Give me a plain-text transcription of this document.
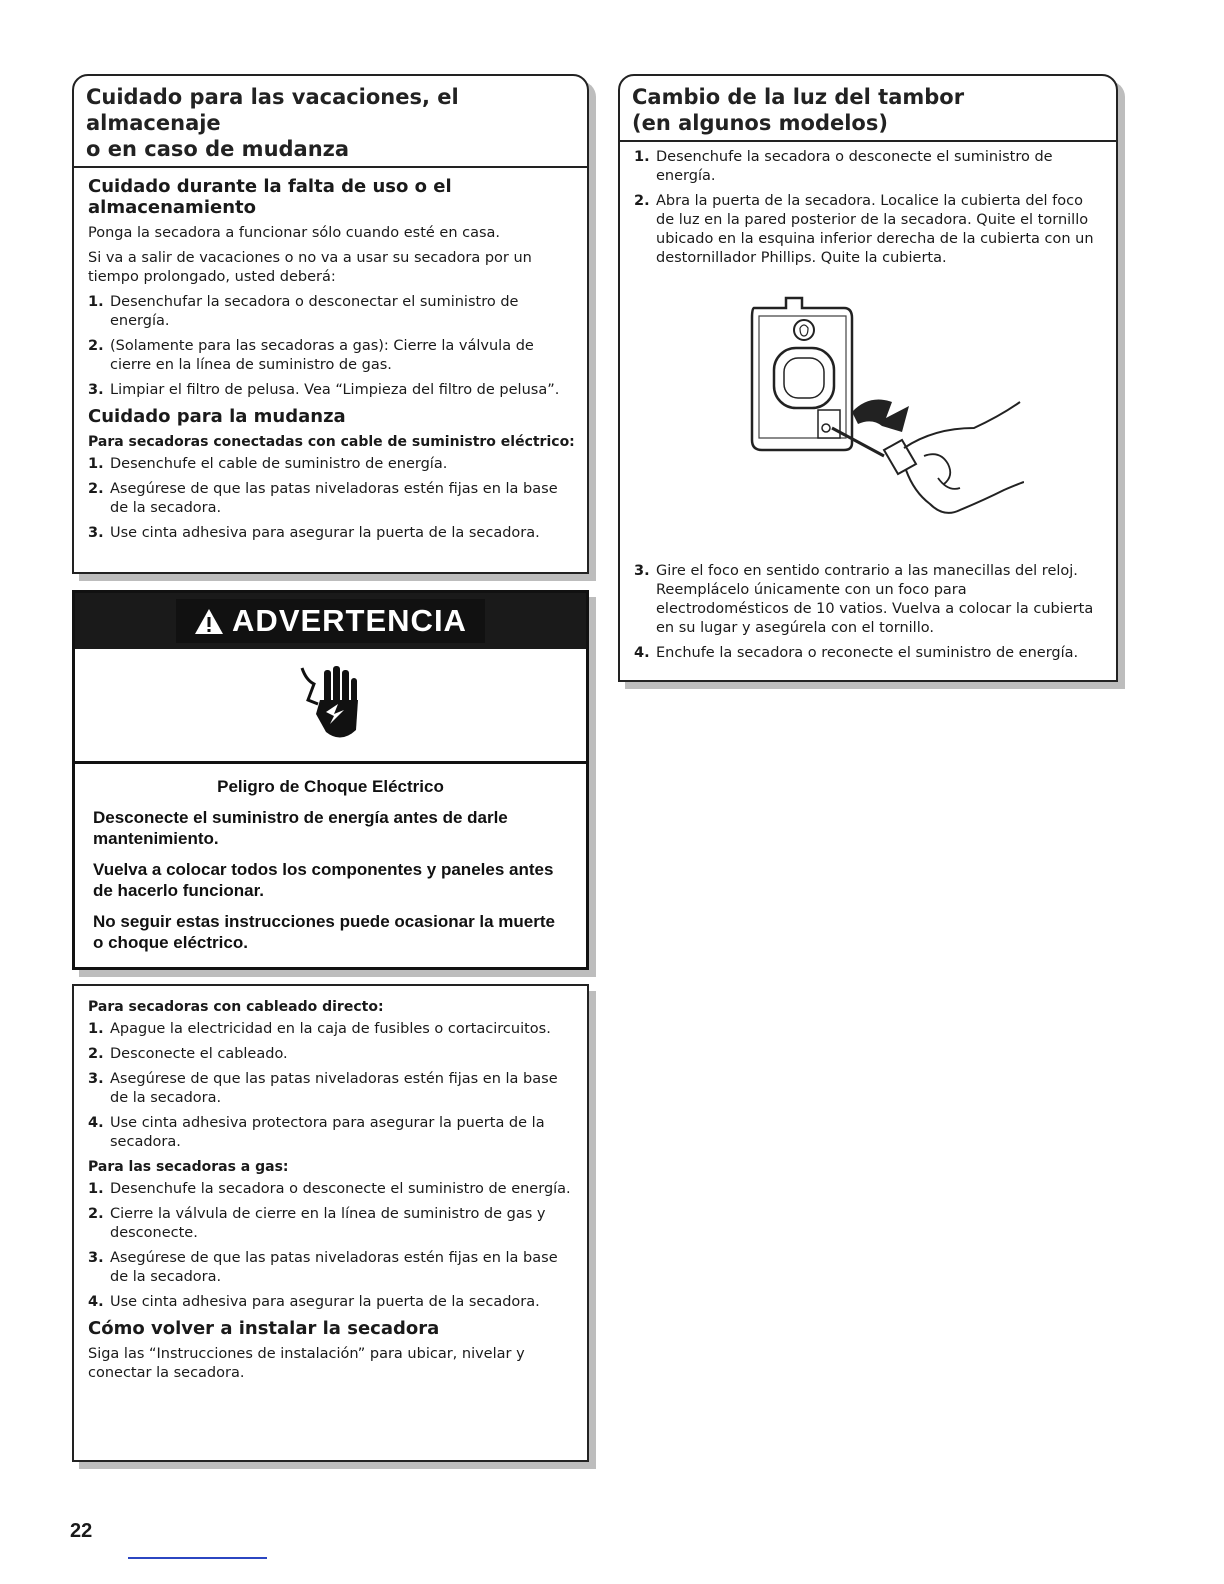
Cuidado para las vacaciones, el almacenaje
o en caso de mudanza
Cuidado durante la falta de uso o el
almacenamiento

Ponga la secadora a funcionar sólo cuando esté en casa.

Si va a salir de vacaciones o no va a usar su secadora por un tiempo prolongado, usted deberá:

1. Desenchufar la secadora o desconectar el suministro de energía.
2. (Solamente para las secadoras a gas): Cierre la válvula de cierre en la línea de suministro de gas.
3. Limpiar el filtro de pelusa. Vea “Limpieza del filtro de pelusa”.
Cuidado para la mudanza
Para secadoras conectadas con cable de suministro eléctrico:
1. Desenchufe el cable de suministro de energía.
2. Asegúrese de que las patas niveladoras estén fijas en la base de la secadora.
3. Use cinta adhesiva para asegurar la puerta de la secadora.
ADVERTENCIA
Peligro de Choque Eléctrico

Desconecte el suministro de energía antes de darle mantenimiento.

Vuelva a colocar todos los componentes y paneles antes de hacerlo funcionar.

No seguir estas instrucciones puede ocasionar la muerte o choque eléctrico.

Para secadoras con cableado directo:
1. Apague la electricidad en la caja de fusibles o cortacircuitos.
2. Desconecte el cableado.
3. Asegúrese de que las patas niveladoras estén fijas en la base de la secadora.
4. Use cinta adhesiva protectora para asegurar la puerta de la secadora.
Para las secadoras a gas:
1. Desenchufe la secadora o desconecte el suministro de energía.
2. Cierre la válvula de cierre en la línea de suministro de gas y desconecte.
3. Asegúrese de que las patas niveladoras estén fijas en la base de la secadora.
4. Use cinta adhesiva para asegurar la puerta de la secadora.
Cómo volver a instalar la secadora

Siga las “Instrucciones de instalación” para ubicar, nivelar y conectar la secadora.

Cambio de la luz del tambor
(en algunos modelos)
1. Desenchufe la secadora o desconecte el suministro de energía.
2. Abra la puerta de la secadora. Localice la cubierta del foco de luz en la pared posterior de la secadora. Quite el tornillo ubicado en la esquina inferior derecha de la cubierta con un destornillador Phillips. Quite la cubierta.
3. Gire el foco en sentido contrario a las manecillas del reloj. Reemplácelo únicamente con un foco para electrodomésticos de 10 vatios. Vuelva a colocar la cubierta en su lugar y asegúrela con el tornillo.
4. Enchufe la secadora o reconecte el suministro de energía.
22
